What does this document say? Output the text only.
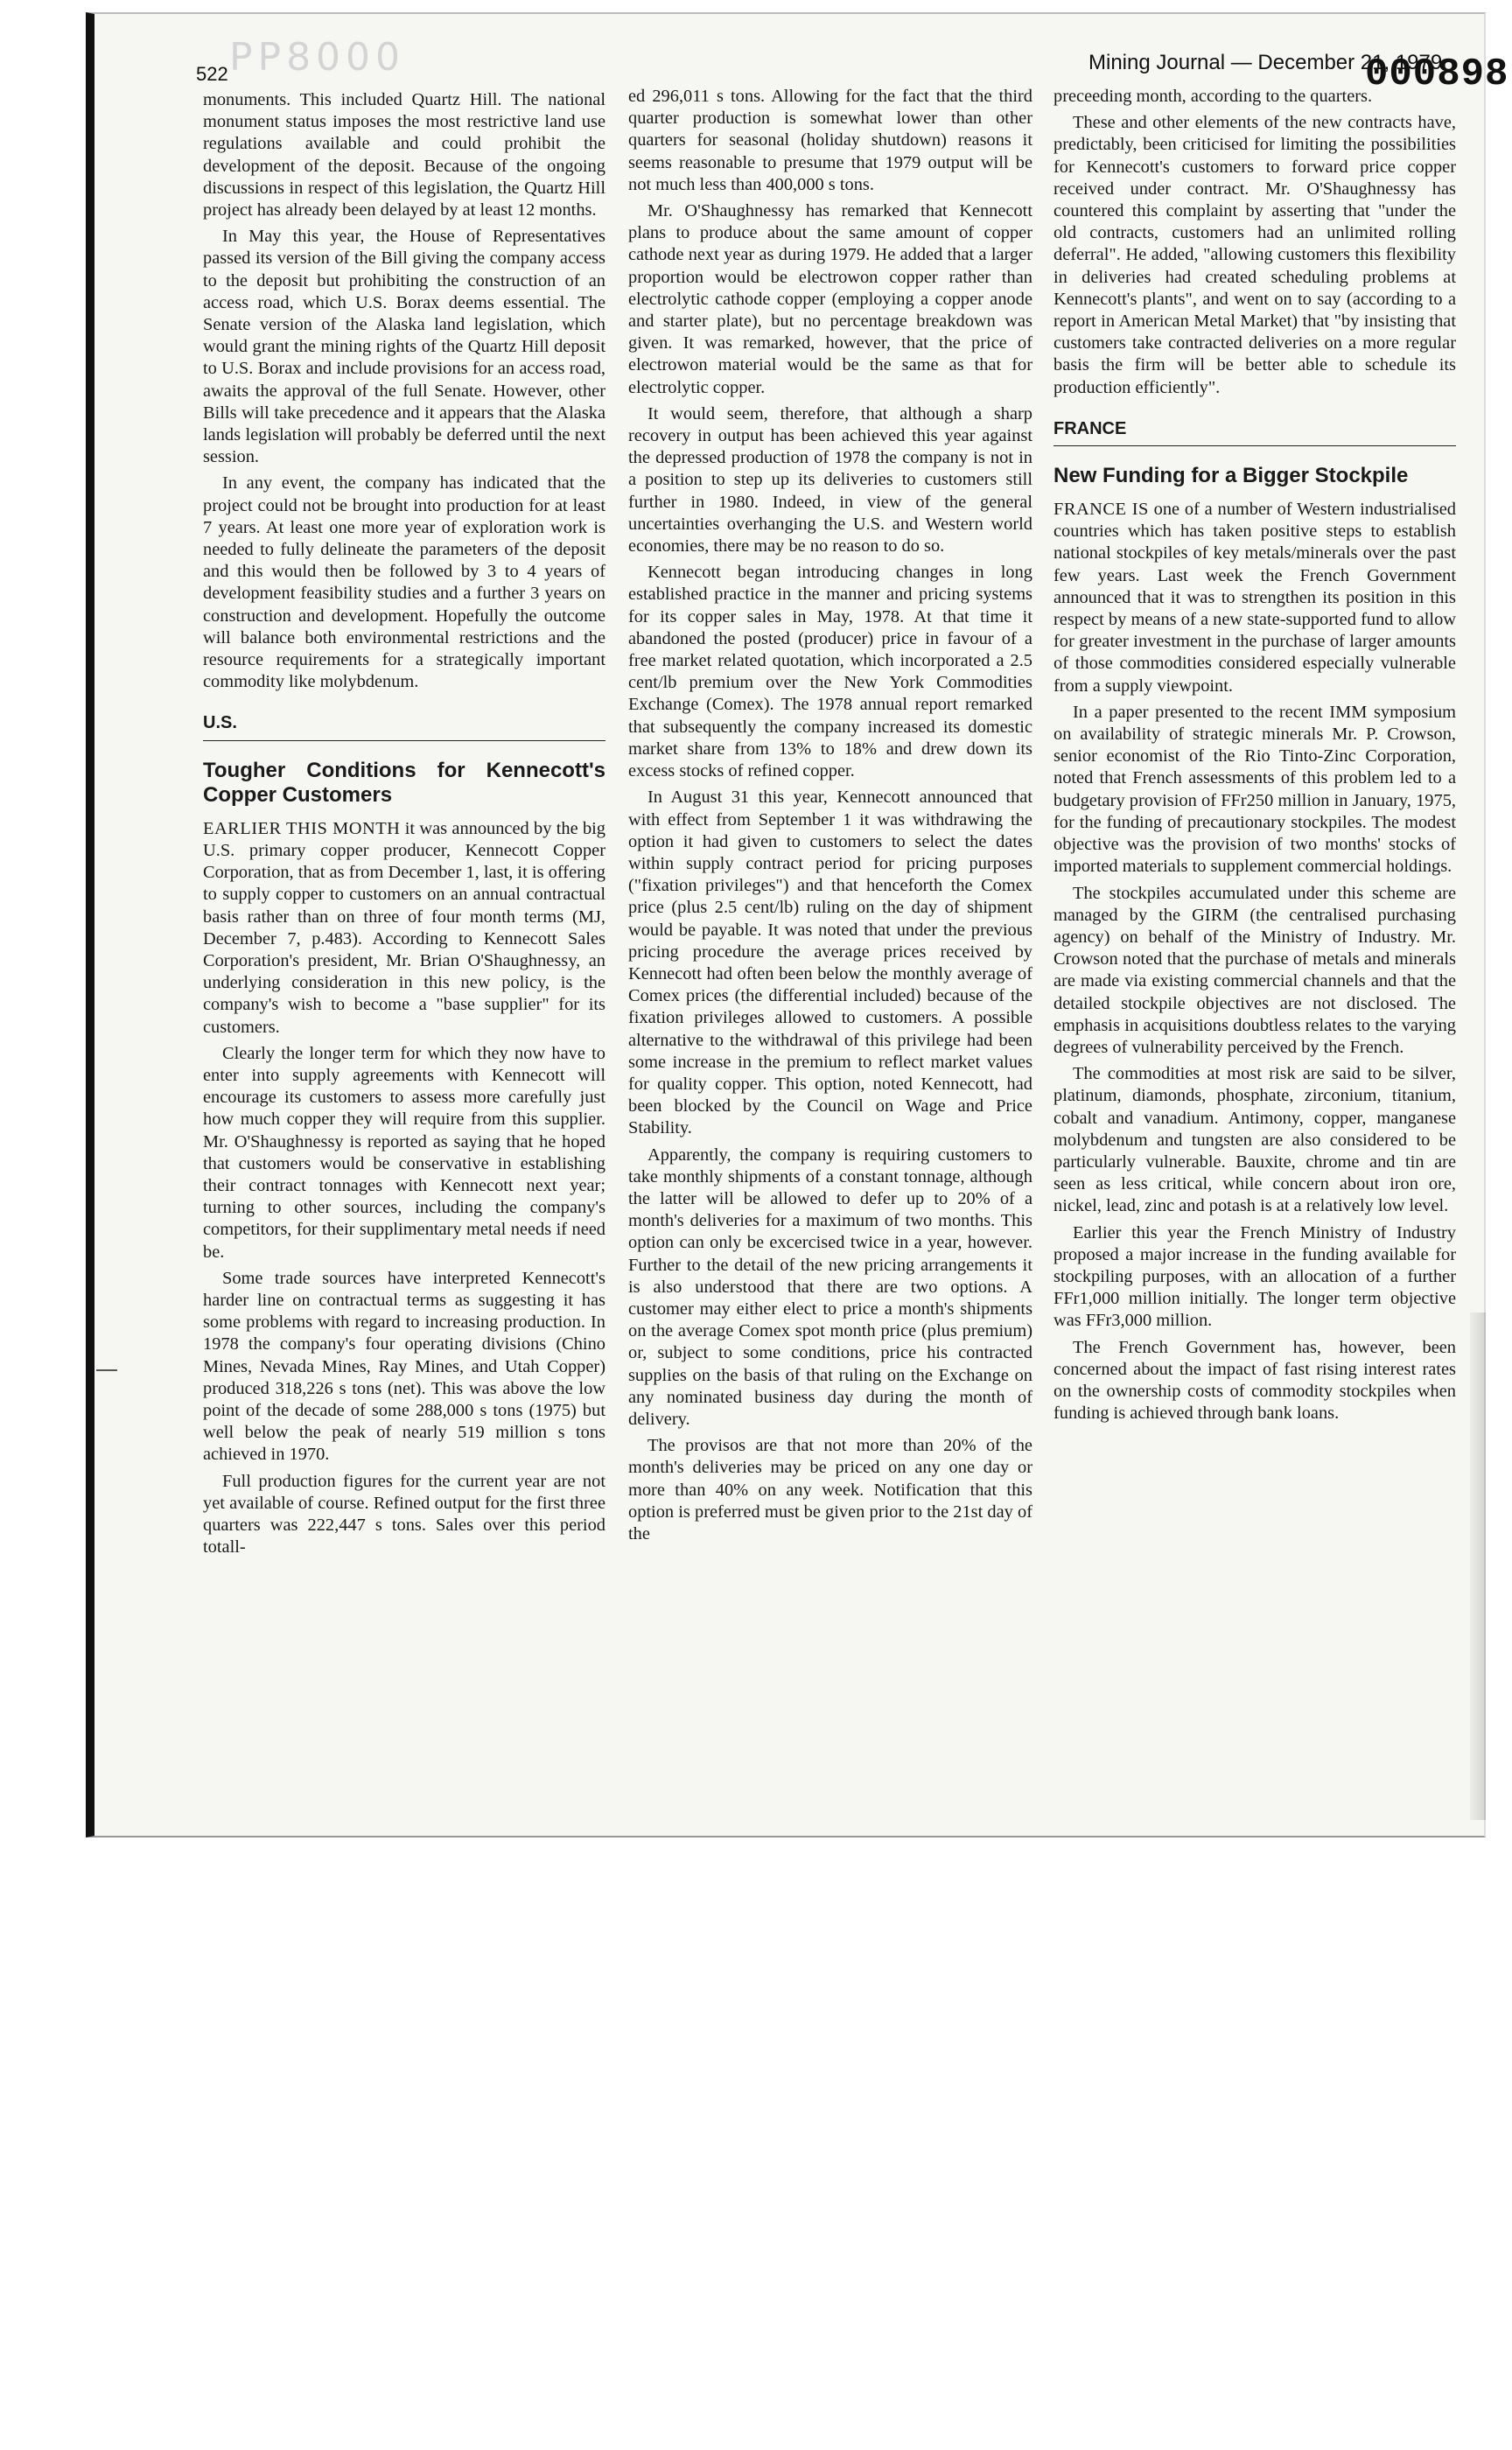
PP8000
522	Mining Journal — December 21, 1979
000898

monuments. This included Quartz Hill. The national monument status imposes the most restrictive land use regulations available and could prohibit the development of the deposit. Because of the ongoing discussions in respect of this legislation, the Quartz Hill project has already been delayed by at least 12 months.

In May this year, the House of Representatives passed its version of the Bill giving the company access to the deposit but prohibiting the construction of an access road, which U.S. Borax deems essential. The Senate version of the Alaska land legislation, which would grant the mining rights of the Quartz Hill deposit to U.S. Borax and include provisions for an access road, awaits the approval of the full Senate. However, other Bills will take precedence and it appears that the Alaska lands legislation will probably be deferred until the next session.

In any event, the company has indicated that the project could not be brought into production for at least 7 years. At least one more year of exploration work is needed to fully delineate the parameters of the deposit and this would then be followed by 3 to 4 years of development feasibility studies and a further 3 years on construction and development. Hopefully the outcome will balance both environmental restrictions and the resource requirements for a strategically important commodity like molybdenum.

U.S.
Tougher Conditions for Kennecott's Copper Customers

EARLIER THIS MONTH it was announced by the big U.S. primary copper producer, Kennecott Copper Corporation, that as from December 1, last, it is offering to supply copper to customers on an annual contractual basis rather than on three of four month terms (MJ, December 7, p.483). According to Kennecott Sales Corporation's president, Mr. Brian O'Shaughnessy, an underlying consideration in this new policy, is the company's wish to become a "base supplier" for its customers.

Clearly the longer term for which they now have to enter into supply agreements with Kennecott will encourage its customers to assess more carefully just how much copper they will require from this supplier. Mr. O'Shaughnessy is reported as saying that he hoped that customers would be conservative in establishing their contract tonnages with Kennecott next year; turning to other sources, including the company's competitors, for their supplimentary metal needs if need be.

Some trade sources have interpreted Kennecott's harder line on contractual terms as suggesting it has some problems with regard to increasing production. In 1978 the company's four operating divisions (Chino Mines, Nevada Mines, Ray Mines, and Utah Copper) produced 318,226 s tons (net). This was above the low point of the decade of some 288,000 s tons (1975) but well below the peak of nearly 519 million s tons achieved in 1970.

Full production figures for the current year are not yet available of course. Refined output for the first three quarters was 222,447 s tons. Sales over this period totall-

ed 296,011 s tons. Allowing for the fact that the third quarter production is somewhat lower than other quarters for seasonal (holiday shutdown) reasons it seems reasonable to presume that 1979 output will be not much less than 400,000 s tons.

Mr. O'Shaughnessy has remarked that Kennecott plans to produce about the same amount of copper cathode next year as during 1979. He added that a larger proportion would be electrowon copper rather than electrolytic cathode copper (employing a copper anode and starter plate), but no percentage breakdown was given. It was remarked, however, that the price of electrowon material would be the same as that for electrolytic copper.

It would seem, therefore, that although a sharp recovery in output has been achieved this year against the depressed production of 1978 the company is not in a position to step up its deliveries to customers still further in 1980. Indeed, in view of the general uncertainties overhanging the U.S. and Western world economies, there may be no reason to do so.

Kennecott began introducing changes in long established practice in the manner and pricing systems for its copper sales in May, 1978. At that time it abandoned the posted (producer) price in favour of a free market related quotation, which incorporated a 2.5 cent/lb premium over the New York Commodities Exchange (Comex). The 1978 annual report remarked that subsequently the company increased its domestic market share from 13% to 18% and drew down its excess stocks of refined copper.

In August 31 this year, Kennecott announced that with effect from September 1 it was withdrawing the option it had given to customers to select the dates within supply contract period for pricing purposes ("fixation privileges") and that henceforth the Comex price (plus 2.5 cent/lb) ruling on the day of shipment would be payable. It was noted that under the previous pricing procedure the average prices received by Kennecott had often been below the monthly average of Comex prices (the differential included) because of the fixation privileges allowed to customers. A possible alternative to the withdrawal of this privilege had been some increase in the premium to reflect market values for quality copper. This option, noted Kennecott, had been blocked by the Council on Wage and Price Stability.

Apparently, the company is requiring customers to take monthly shipments of a constant tonnage, although the latter will be allowed to defer up to 20% of a month's deliveries for a maximum of two months. This option can only be excercised twice in a year, however. Further to the detail of the new pricing arrangements it is also understood that there are two options. A customer may either elect to price a month's shipments on the average Comex spot month price (plus premium) or, subject to some conditions, price his contracted supplies on the basis of that ruling on the Exchange on any nominated business day during the month of delivery.

The provisos are that not more than 20% of the month's deliveries may be priced on any one day or more than 40% on any week. Notification that this option is preferred must be given prior to the 21st day of the

preceeding month, according to the quarters.

These and other elements of the new contracts have, predictably, been criticised for limiting the possibilities for Kennecott's customers to forward price copper received under contract. Mr. O'Shaughnessy has countered this complaint by asserting that "under the old contracts, customers had an unlimited rolling deferral". He added, "allowing customers this flexibility in deliveries had created scheduling problems at Kennecott's plants", and went on to say (according to a report in American Metal Market) that "by insisting that customers take contracted deliveries on a more regular basis the firm will be better able to schedule its production efficiently".

FRANCE
New Funding for a Bigger Stockpile

FRANCE IS one of a number of Western industrialised countries which has taken positive steps to establish national stockpiles of key metals/minerals over the past few years. Last week the French Government announced that it was to strengthen its position in this respect by means of a new state-supported fund to allow for greater investment in the purchase of larger amounts of those commodities considered especially vulnerable from a supply viewpoint.

In a paper presented to the recent IMM symposium on availability of strategic minerals Mr. P. Crowson, senior economist of the Rio Tinto-Zinc Corporation, noted that French assessments of this problem led to a budgetary provision of FFr250 million in January, 1975, for the funding of precautionary stockpiles. The modest objective was the provision of two months' stocks of imported materials to supplement commercial holdings.

The stockpiles accumulated under this scheme are managed by the GIRM (the centralised purchasing agency) on behalf of the Ministry of Industry. Mr. Crowson noted that the purchase of metals and minerals are made via existing commercial channels and that the detailed stockpile objectives are not disclosed. The emphasis in acquisitions doubtless relates to the varying degrees of vulnerability perceived by the French.

The commodities at most risk are said to be silver, platinum, diamonds, phosphate, zirconium, titanium, cobalt and vanadium. Antimony, copper, manganese molybdenum and tungsten are also considered to be particularly vulnerable. Bauxite, chrome and tin are seen as less critical, while concern about iron ore, nickel, lead, zinc and potash is at a relatively low level.

Earlier this year the French Ministry of Industry proposed a major increase in the funding available for stockpiling purposes, with an allocation of a further FFr1,000 million initially. The longer term objective was FFr3,000 million.

The French Government has, however, been concerned about the impact of fast rising interest rates on the ownership costs of commodity stockpiles when funding is achieved through bank loans.
